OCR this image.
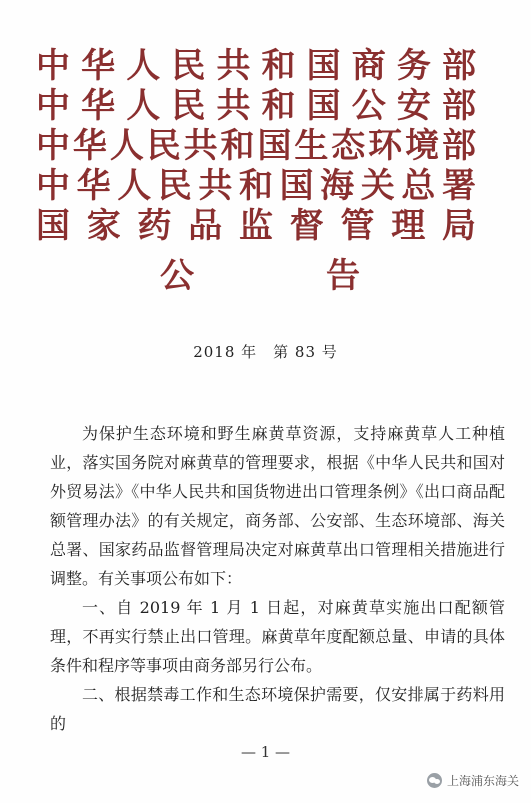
中 华 人 民 共 和 国 商 务 部
中 华 人 民 共 和 国 公 安 部
中 华 人 民 共 和 国 生 态 环 境 部
中 华 人 民 共 和 国 海 关 总 署
国 家 药 品 监 督 管 理 局
公	告
2018 年　第 83 号

为保护生态环境和野生麻黄草资源，支持麻黄草人工种植业，落实国务院对麻黄草的管理要求，根据《中华人民共和国对外贸易法》《中华人民共和国货物进出口管理条例》《出口商品配额管理办法》的有关规定，商务部、公安部、生态环境部、海关总署、国家药品监督管理局决定对麻黄草出口管理相关措施进行调整。有关事项公布如下：

一、自 2019 年 1 月 1 日起，对麻黄草实施出口配额管理，不再实行禁止出口管理。麻黄草年度配额总量、申请的具体条件和程序等事项由商务部另行公布。

二、根据禁毒工作和生态环境保护需要，仅安排属于药料用的

— 1 —
上海浦东海关
